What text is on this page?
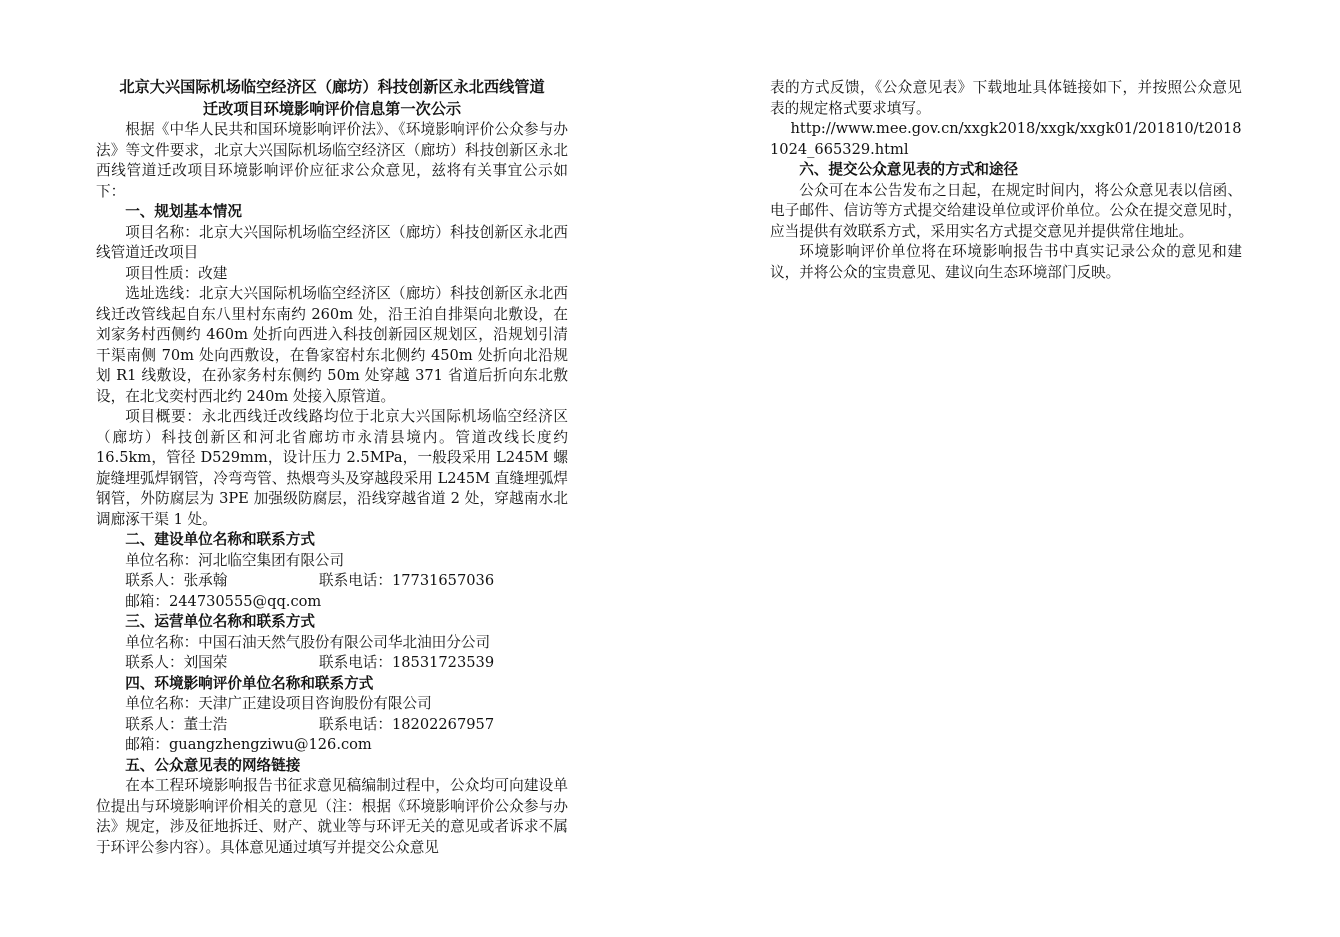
北京大兴国际机场临空经济区（廊坊）科技创新区永北西线管道
迁改项目环境影响评价信息第一次公示

根据《中华人民共和国环境影响评价法》、《环境影响评价公众参与办法》等文件要求，北京大兴国际机场临空经济区（廊坊）科技创新区永北西线管道迁改项目环境影响评价应征求公众意见，兹将有关事宜公示如下：

一、规划基本情况

项目名称：北京大兴国际机场临空经济区（廊坊）科技创新区永北西线管道迁改项目

项目性质：改建

选址选线：北京大兴国际机场临空经济区（廊坊）科技创新区永北西线迁改管线起自东八里村东南约 260m 处，沿王泊自排渠向北敷设，在刘家务村西侧约 460m 处折向西进入科技创新园区规划区，沿规划引清干渠南侧 70m 处向西敷设，在鲁家窑村东北侧约 450m 处折向北沿规划 R1 线敷设，在孙家务村东侧约 50m 处穿越 371 省道后折向东北敷设，在北戈奕村西北约 240m 处接入原管道。

项目概要：永北西线迁改线路均位于北京大兴国际机场临空经济区（廊坊）科技创新区和河北省廊坊市永清县境内。管道改线长度约 16.5km，管径 D529mm，设计压力 2.5MPa，一般段采用 L245M 螺旋缝埋弧焊钢管，冷弯弯管、热煨弯头及穿越段采用 L245M 直缝埋弧焊钢管，外防腐层为 3PE 加强级防腐层，沿线穿越省道 2 处，穿越南水北调廊涿干渠 1 处。

二、建设单位名称和联系方式

单位名称：河北临空集团有限公司

联系人：张承翰	联系电话：17731657036

邮箱：244730555@qq.com

三、运营单位名称和联系方式

单位名称：中国石油天然气股份有限公司华北油田分公司

联系人：刘国荣	联系电话：18531723539

四、环境影响评价单位名称和联系方式

单位名称：天津广正建设项目咨询股份有限公司

联系人：董士浩	联系电话：18202267957

邮箱：guangzhengziwu@126.com

五、公众意见表的网络链接

在本工程环境影响报告书征求意见稿编制过程中，公众均可向建设单位提出与环境影响评价相关的意见（注：根据《环境影响评价公众参与办法》规定，涉及征地拆迁、财产、就业等与环评无关的意见或者诉求不属于环评公参内容）。具体意见通过填写并提交公众意见

表的方式反馈，《公众意见表》下载地址具体链接如下，并按照公众意见表的规定格式要求填写。

http://www.mee.gov.cn/xxgk2018/xxgk/xxgk01/201810/t20181024_665329.html

六、提交公众意见表的方式和途径

公众可在本公告发布之日起，在规定时间内，将公众意见表以信函、电子邮件、信访等方式提交给建设单位或评价单位。公众在提交意见时，应当提供有效联系方式，采用实名方式提交意见并提供常住地址。

环境影响评价单位将在环境影响报告书中真实记录公众的意见和建议，并将公众的宝贵意见、建议向生态环境部门反映。
